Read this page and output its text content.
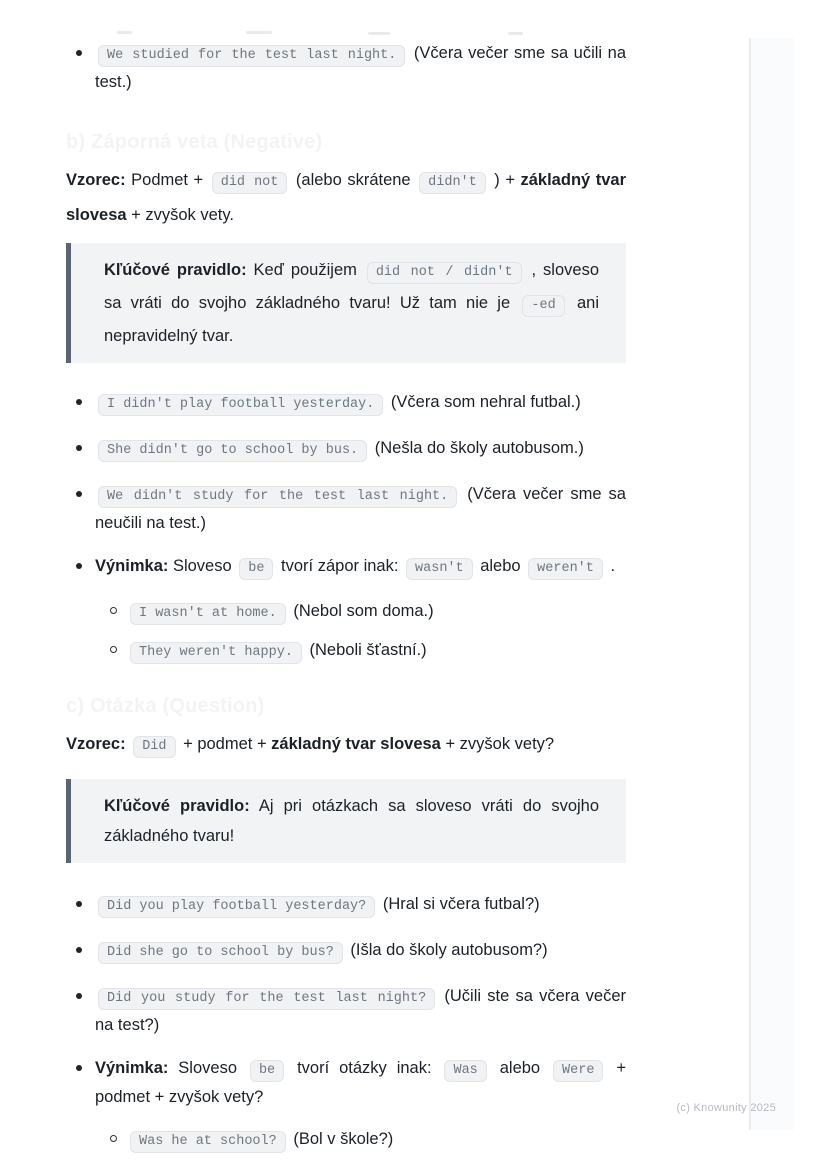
We studied for the test last night. (Včera večer sme sa učili na test.)
b) Záporná veta (Negative)

Vzorec: Podmet + did not (alebo skrátene didn't ) + základný tvar slovesa + zvyšok vety.

Kľúčové pravidlo: Keď použijem did not / didn't , sloveso sa vráti do svojho základného tvaru! Už tam nie je -ed ani nepravidelný tvar.
I didn't play football yesterday. (Včera som nehral futbal.)
She didn't go to school by bus. (Nešla do školy autobusom.)
We didn't study for the test last night. (Včera večer sme sa neučili na test.)
Výnimka: Sloveso be tvorí zápor inak: wasn't alebo weren't .
I wasn't at home. (Nebol som doma.)
They weren't happy. (Neboli šťastní.)
c) Otázka (Question)

Vzorec: Did + podmet + základný tvar slovesa + zvyšok vety?

Kľúčové pravidlo: Aj pri otázkach sa sloveso vráti do svojho základného tvaru!
Did you play football yesterday? (Hral si včera futbal?)
Did she go to school by bus? (Išla do školy autobusom?)
Did you study for the test last night? (Učili ste sa včera večer na test?)
Výnimka: Sloveso be tvorí otázky inak: Was alebo Were + podmet + zvyšok vety?
Was he at school? (Bol v škole?)
(c) Knowunity 2025
